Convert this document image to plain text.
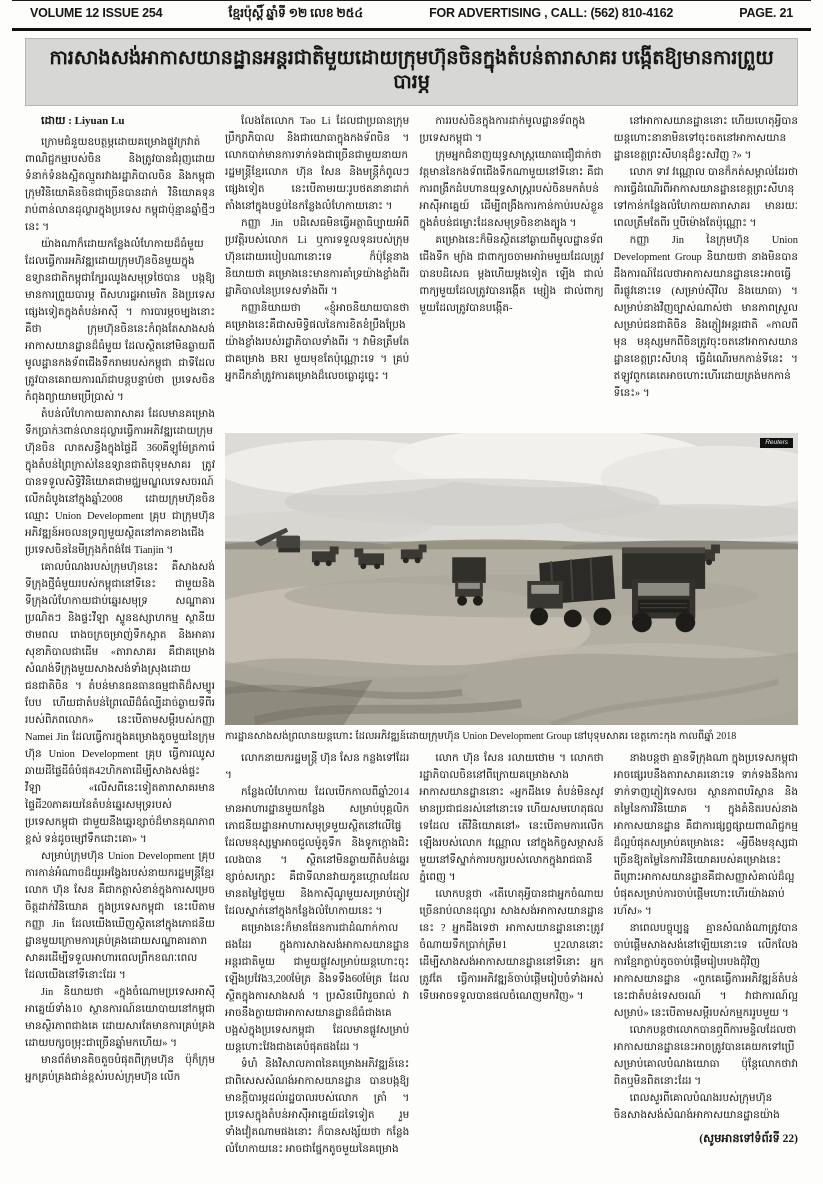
VOLUME 12 ISSUE 254	ខ្មែរប៉ុស្តិ៍ ឆ្នាំទី ១២ លេខ ២៥៤	FOR ADVERTISING , CALL: (562) 810-4162	PAGE. 21
ការសាងសង់អាកាសយានដ្ឋានអន្តរជាតិមួយដោយក្រុមហ៊ុនចិនក្នុងតំបន់តារាសាគរ បង្កើតឱ្យមានការព្រួយបារម្ភ

ដោយ : Liyuan Lu

ក្រោមជំនួយឧបត្ថម្ភដោយគម្រោងផ្លូវក្រវាត់ ពាណិជ្ជកម្មរបស់ចិន និងត្រូវបានជំរុញដោយ ទំនាក់ទំនងស្អិតល្មួតរវាងរដ្ឋាភិបាលចិន និងកម្ពុជា ក្រុមវិនិយោគិនចិនជាច្រើនបានដាក់ វិនិយោគទុនរាប់ពាន់លានដុល្លារក្នុងប្រទេស កម្ពុជាប៉ុន្មានឆ្នាំថ្មីៗនេះ ។

យ៉ាងណាក៏ដោយកន្លែងលំហែកាយដ៏ធំមួយ ដែលធ្វើការអភិវឌ្ឍដោយក្រុមហ៊ុនចិនមួយក្នុង ឧទ្យានជាតិកម្ពុជាក្បែរឈូងសមុទ្រថៃបាន បង្កឱ្យមានការព្រួយបារម្ភ ពីសហរដ្ឋអាមេរិក និងប្រទេសផ្សេងទៀតក្នុងតំបន់អាស៊ី ។ ការបារម្ភចម្បងនោះគឺថា ក្រុមហ៊ុនចិននេះកំពុងតែសាងសង់អាកាសយានដ្ឋានដ៏ធំមួយ ដែលស្ថិតនៅមិនឆ្ងាយពីមូលដ្ឋានកងទ័ពជើងទឹករាមរបស់កម្ពុជា ជាទីដែលត្រូវបានគេរាយការណ៍ជាបន្តបន្ទាប់ថា ប្រទេសចិនកំពុងព្យាយាមប្រើប្រាស់ ។

តំបន់លំហែកាយតារាសាគរ ដែលមានគម្រោងទឹកប្រាក់3ពាន់លានដុល្លារធ្វើការអភិវឌ្ឍដោយក្រុមហ៊ុនចិន លាតសន្ធឹងក្នុងផ្ទៃដី 360គីឡូម៉ែត្រការ៉េ ក្នុងតំបន់ព្រៃក្រាស់នៃឧទ្យានជាតិបុទុមសាគរ ត្រូវបានទទួលសិទ្ធិវិនិយោគជាមជ្ឈមណ្ឌលទេសចរណ៍លើកដំបូងនៅក្នុងឆ្នាំ2008 ដោយក្រុមហ៊ុនចិនឈ្មោះ Union Development គ្រុប ជាក្រុមហ៊ុនអភិវឌ្ឍន៍អចលនទ្រព្យមួយស្ថិតនៅភាគខាងជើងប្រទេសចិននៃមីក្រុងកំពង់ផែ Tianjin ។

គោលបំណងរបស់ក្រុមហ៊ុននេះ គឺសាងសង់ទីក្រុងថ្មីធំមួយរបស់កម្ពុជានៅទីនេះ ជាមួយនិងទីក្រុងលំហែកាយជាប់ឆ្នេរសមុទ្រ សណ្ឋាគារប្រណិតៗ និងផ្ទះវីឡា ស្ទូនឧស្សាហកម្ម ស្ថានីយថាមពល រោងចក្រចម្រាញ់ទឹកស្អាត និងអាគារសុខាភិបាលជាដើម «តារាសាគរ គឺជាគម្រោងសំណង់ទីក្រុងមួយសាងសង់ទាំងស្រុងដោយជនជាតិចិន ។ តំបន់មានធនធានធម្មជាតិដ៏សម្បូរបែប ហើយជាតំបន់ព្រៃឈើដ៏ធំល្បីដាច់ឆ្ងាយទីពីររបស់ពិភពលោក» នេះបើតាមសម្ដីរបស់កញ្ញា Namei Jin ដែលធ្វើការក្នុងគម្រោងតូចមួយនៃក្រុមហ៊ុន Union Development គ្រុប ធ្វើការឈូសឆាយដីផ្ទៃដីធំបំផុត42ហិកតាដើម្បីសាងសង់ផ្ទះវីឡា «លើសពីនេះទៀតតារាសាគរមានផ្ទៃដី20ភាគរយនៃតំបន់ឆ្នេរសមុទ្ររបស់ប្រទេសកម្ពុជា ជាមួយនឹងឆ្នេរខ្សាច់ដ៏មានគុណភាពខ្ពស់ ទន់ដូចម្សៅទឹកដោះគោ» ។

សម្រាប់ក្រុមហ៊ុន Union Development គ្រុប ការកាន់អំណាចដ៏យូរអង្វែងរបស់នាយករដ្ឋមន្ត្រីខ្មែរលោក ហ៊ុន សែន គឺជាកត្តាសំខាន់ក្នុងការសម្រេចចិត្តដាក់វិនិយោគ ក្នុងប្រទេសកម្ពុជា នេះបើតាមកញ្ញា Jin ដែលយើងឃើញស្ថិតនៅក្នុងភោជនីយដ្ឋានមួយក្រោមការគ្រប់គ្រងដោយសណ្ឋាគារតារាសាគរដើម្បីទទួលអាហារពេលព្រឹកខណៈពេលដែលយើងនៅទីនោះដែរ ។

Jin និយាយថា «ក្នុងចំណោមប្រទេសអាស៊ីអាគ្នេយ៍ទាំង10 ស្ថានការណ៍នយោបាយនៅកម្ពុជាមានស្ថិរភាពជាងគេ ដោយសារតែមានការគ្រប់គ្រងដោយបក្សចម្រុះជាច្រើនឆ្នាំមកហើយ» ។

មានព័ត៌មានតិចតួចបំផុតពីក្រុមហ៊ុន ប៉ុក៏ក្រុមអ្នកគ្រប់គ្រងជាន់ខ្ពស់របស់ក្រុមហ៊ុន លើក

លែងតែលោក Tao Li ដែលជាប្រធានក្រុមប្រឹក្សាភិបាល និងជាយោធាក្នុងកងទ័ពចិន ។ លោកបាក់មានការទាក់ទងជាច្រើនជាមួយនាយករដ្ឋមន្ត្រីខ្មែរលោក ហ៊ុន សែន និងមន្ត្រីកំពូលៗផ្សេងទៀត នេះបើតាមរយៈរូបថតនានាដាក់តាំងនៅក្នុងបន្ទប់នៃកន្លែងលំហែកាយនោះ ។

កញ្ញា Jin បដិសេធមិនធ្វើអត្ថាធិប្បាយអំពីប្រវត្តិរបស់លោក Li ឬការទទួលទុនរបស់ក្រុមហ៊ុនដោយរបៀបណានោះទេ ក៏ប៉ុន្តែនាងនិយាយថា គម្រោងនេះមានការគាំទ្រយ៉ាងខ្លាំងពីរដ្ឋាភិបាលនៃប្រទេសទាំងពីរ ។

កញ្ញានិយាយថា «ខ្ញុំអាចនិយាយបានថា គម្រោងនេះគឺជាសមិទ្ធិផលនៃការខិតខំប្រឹងប្រែងយ៉ាងខ្លាំងរបស់រដ្ឋាភិបាលទាំងពីរ ។ វាមិនត្រឹមតែជាគម្រោង BRI មួយមុខតែប៉ុណ្ណោះទេ ។ គ្រប់អ្នកដឹកនាំត្រូវការគម្រោងដ៏លេចធ្លោដូច្នេះ ។

ការរបស់ចិនក្នុងការដាក់មូលដ្ឋានទ័ពក្នុងប្រទេសកម្ពុជា ។

ក្រុមអ្នកជំនាញយុទ្ធសាស្ត្រយោធាជឿជាក់ថា វត្តមាននៃកងទ័ពជើងទឹកណាមួយនៅទីនោះ គឺជាការពង្រីកដំបហានយុទ្ធសាស្ត្ររបស់ចិនមកតំបន់អាស៊ីអាគ្នេយ៍ ដើម្បីពង្រឹងការកាន់កាប់របស់ខ្លួន ក្នុងតំបន់ជម្លោះដែនសមុទ្រចិនខាងត្បូង ។

គម្រោងនេះក៏មិនស្ថិតនៅឆ្ងាយពីមូលដ្ឋានទ័ពជើងទឹក ម្យ៉ាង ជាពាក្យចចាមអារ៉ាមមួយដែលត្រូវបានបដិសេធ ម្ដងហើយម្ដងទៀត ឡើង ជាល់ពាក្យមួយដែលត្រូវបានរង្កើត ម្សៀង ជាល់ពាក្យមួយដែលត្រូវបានបង្កើត-

នៅអាកាសយានដ្ឋាននោះ ហើយហេតុអ្វីបានយន្តហោះនានាមិនទៅចុះចតនៅអាកាសយានដ្ឋានខេត្តព្រះសីហនុដ៏ខ្វះសវិញ ?» ។

លោក ទាវ វណ្ណោល បានក៏កត់សម្គាល់ដែរថា ការធ្វើដំណើរពីអាកាសយានដ្ឋានខេត្តព្រះសីហនុ ទៅកាន់កន្លែងលំហែកាយតារាសាគរ មានរយៈពេលត្រឹមតែពីរ ឬបីម៉ោងតែប៉ុណ្ណោះ ។

កញ្ញា Jin នៃក្រុមហ៊ុន Union Development Group និយាយថា នាងមិនបានដឹងការណ៍ដែលថាអាកាសយានដ្ឋាននេះអាចធ្វើពីរផ្លូវនោះទេ (សម្រាប់ស៊ីវិល និងយោធា) ។ សម្រាប់នាងវិញច្បាស់ណាស់ថា មានភាពស្រួលសម្រាប់ជនជាតិចិន និងភ្ញៀវអន្តរជាតិ «កាលពីមុន មនុស្សមកពីចិនត្រូវចុះចតនៅអាកាសយានដ្ឋានខេត្តព្រះសីហនុ ធ្វើដំណើរមកកាន់ទីនេះ ។ ឥឡូវពួកគេតេអាចហោះហើរដោយត្រង់មកកាន់ទីនេះ» ។

Reuters
ការដ្ឋានសាងសង់ព្រលានយន្តហោះ ដែលអភិវឌ្ឍន៍ដោយក្រុមហ៊ុន Union Development Group នៅបុទុមសាគរ ខេត្តកោះកុង កាលពីឆ្នាំ 2018

លោកនាយករដ្ឋមន្ត្រី ហ៊ុន សែន កន្លងទៅដែរ ។

កន្លែងលំហែកាយ ដែលបើកកាលពីឆ្នាំ2014 មានអាហារដ្ឋានមួយកន្លែង សម្រាប់បុគ្គលិក ភោជនីយដ្ឋានអាហារសមុទ្រមួយស្ថិតនៅលើផ្ទៃ ដែលមនុស្សម្នាអាចជួលម៉ូតូទឹក និងទូកក្តោងជិះលេងបាន ។ ស្ថិតនៅមិនឆ្ងាយពីតំបន់ឆ្នេរខ្សាច់សក្សោះ គឺជាទីលានវាយកូនហ្គោលដែលមានតម្លៃថ្លៃមួយ និងកាស៊ីណូមួយសម្រាប់ភ្ញៀវដែលស្នាក់នៅក្នុងកន្លែងលំហែកាយនេះ ។

គម្រោងនេះក៏មានផែនការជាដំណាក់កាលផងដែរ ក្នុងការសាងសង់អាកាសយានដ្ឋានអន្តរជាតិមួយ ជាមួយផ្លូវសម្រាប់យន្តហោះចុះឡើងប្រវែង3,200ម៉ែត្រ និងទទឹង60ម៉ែត្រ ដែលស្ថិតក្នុងការសាងសង់ ។ ប្រសិនបើវារួចរាល់ វាអាចនឹងក្លាយជាអាកាសយានដ្ឋានដ៏ធំជាងគេបង្អស់ក្នុងប្រទេសកម្ពុជា ដែលមានផ្លូវសម្រាប់យន្តហោះវែងជាងគេបំផុតផងដែរ ។

ទំហំ និងវិសាលភាពនៃគម្រោងអភិវឌ្ឍន៍នេះជាពិសេសសំណង់អាកាសយានដ្ឋាន បានបង្កឱ្យមានក្តីបារម្ភដល់រដ្ឋបាលរបស់លោក ត្រាំ ។ ប្រទេសក្នុងតំបន់អាស៊ីអាគ្នេយ៍ដទៃទៀត រួមទាំងវៀតណាមផងនោះ ក៏បានសង្ស័យថា កន្លែងលំហែកាយនេះ អាចជាផ្នែកតូចមួយនៃគម្រោង

លោក ហ៊ុន សែន រលាយថោម ។ លោកថា រដ្ឋាភិបាលចិននៅពីក្រោយគម្រោងសាងអាកាសយានដ្ឋាននោះ «អ្នកដឹងទេ តំបន់មិនសូវមានប្រជាជនរស់នៅនោះទេ ហើយសមហេតុផលទេដែល តើវិនិយោគនៅ» នេះបើតាមការលើកឡើងរបស់លោក វណ្ណោល នៅក្នុងកិច្ចសម្ភាសន៍មួយនៅទីស្នាក់ការបក្សរបស់លោកក្នុងរាជធានីភ្នំពេញ ។

លោកបន្តថា «តើហេតុអ្វីបានជាអ្នកចំណាយច្រើនរាប់លានដុល្លារ សាងសង់អាកាសយានដ្ឋាននេះ ? អ្នកដឹងទេថា អាកាសយានដ្ឋាននោះត្រូវចំណាយទឹកប្រាក់ត្រឹម1 ឬ2លាននោះ ដើម្បីសាងសង់អាកាសយានដ្ឋាននៅទីនោះ អ្នកត្រូវតែ ធ្វើការអភិវឌ្ឍន៍ចាប់ផ្ដើមរៀបចំទាំងអស់ ទើបអាចទទួលបានផលចំណេញមកវិញ» ។

នាងបន្តថា គ្មានទីក្រុងណា ក្នុងប្រទេសកម្ពុជាអាចផ្សេរបនឹងតារាសាគរនោះទេ ទាក់ទងនឹងការទាក់ទាញភ្ញៀវទេសចរ ស្ថានភាពបរិស្ថាន និងតម្លៃនៃការវិនិយោគ ។ ក្នុងគំនិតរបស់នាង អាកាសយានដ្ឋាន គឺជាការផ្សព្វផ្សាយពាណិជ្ជកម្មដ៏ល្អបំផុតសម្រាប់គម្រោងនេះ «អ្វីចឹងមនុស្សជាច្រើនឱ្យតម្លៃនៃការវិនិយោគរបស់គម្រោងនេះ ពីព្រោះអាកាសយានដ្ឋានគឺជាសញ្ញាសំគាល់ដ៏ល្អបំផុតសម្រាប់ការចាប់ផ្ដើមហោះហើរយ៉ាងឆាប់រហ័ស» ។

នាពេលបច្ចុប្បន្ន គ្មានសំណង់ណាត្រូវបានចាប់ផ្ដើមសាងសង់នៅឡើយនោះទេ លើកលែងការខ្មែរាក្លាប់តូចចាប់ផ្ដើមរៀបរបងជុំវិញអាកាសយានដ្ឋាន «ពួកគេធ្វើការអភិវឌ្ឍន៍តំបន់នេះជាតំបន់ទេសចរណ៍ ។ វាជាការណ៍ល្អសម្រាប់» នេះបើតាមសម្ដីរបស់កម្មកររូបមួយ ។

លោកបន្តថាលោកបានឮពីការមន្ទិលដែលថាអាកាសយានដ្ឋាននេះអាចត្រូវបានគេយកទៅប្រើសម្រាប់គោលបំណងយោធា ប៉ុន្តែលោកថាវាពិតឬមិនពិតនោះដែរ ។

ពេលសួរពីគោលបំណងរបស់ក្រុមហ៊ុនចិនសាងសង់សំណង់អាកាសយានដ្ឋានយ៉ាង

(សូមអានទៅទំព័រទី 22)
